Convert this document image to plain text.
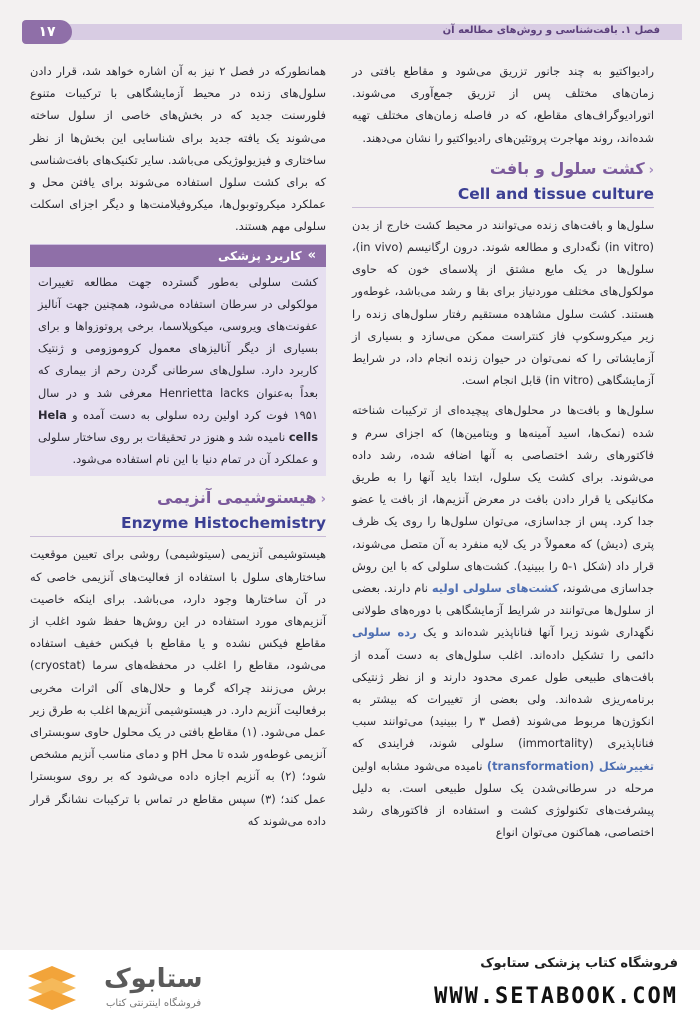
۱۷	فصل ۱. بافت‌شناسی و روش‌های مطالعه آن

رادیواکتیو به چند جانور تزریق می‌شود و مقاطع بافتی در زمان‌های مختلف پس از تزریق جمع‌آوری می‌شوند. اتورادیوگراف‌های مقاطع، که در فاصله زمان‌های مختلف تهیه شده‌اند، روند مهاجرت پروتئین‌های رادیواکتیو را نشان می‌دهند.

‹کشت سلول و بافت
Cell and tissue culture

سلول‌ها و بافت‌های زنده می‌توانند در محیط کشت خارج از بدن (in vitro) نگه‌داری و مطالعه شوند. درون ارگانیسم (in vivo)، سلول‌ها در یک مایع مشتق از پلاسمای خون که حاوی مولکول‌های مختلف موردنیاز برای بقا و رشد می‌باشد، غوطه‌ور هستند. کشت سلول مشاهده مستقیم رفتار سلول‌های زنده را زیر میکروسکوپ فاز کنتراست ممکن می‌سازد و بسیاری از آزمایشاتی را که نمی‌توان در حیوان زنده انجام داد، در شرایط آزمایشگاهی (in vitro) قابل انجام است.

سلول‌ها و بافت‌ها در محلول‌های پیچیده‌ای از ترکیبات شناخته شده (نمک‌ها، اسید آمینه‌ها و ویتامین‌ها) که اجزای سرم و فاکتورهای رشد اختصاصی به آنها اضافه شده، رشد داده می‌شوند. برای کشت یک سلول، ابتدا باید آنها را به طریق مکانیکی یا قرار دادن بافت در معرض آنزیم‌ها، از بافت یا عضو جدا کرد. پس از جداسازی، می‌توان سلول‌ها را روی یک ظرف پتری (دیش) که معمولاً در یک لایه منفرد به آن متصل می‌شوند، قرار داد (شکل ۱-۵ را ببینید). کشت‌های سلولی که با این روش جداسازی می‌شوند، کشت‌های سلولی اولیه نام دارند. بعضی از سلول‌ها می‌توانند در شرایط آزمایشگاهی با دوره‌های طولانی نگهداری شوند زیرا آنها فناناپذیر شده‌اند و یک رده سلولی دائمی را تشکیل داده‌اند. اغلب سلول‌های به دست آمده از بافت‌های طبیعی طول عمری محدود دارند و از نظر ژنتیکی برنامه‌ریزی شده‌اند. ولی بعضی از تغییرات که بیشتر به انکوژن‌ها مربوط می‌شوند (فصل ۳ را ببینید) می‌توانند سبب فناناپذیری (immortality) سلولی شوند، فرایندی که تغییرشکل (transformation) نامیده می‌شود مشابه اولین مرحله در سرطانی‌شدن یک سلول طبیعی است. به دلیل پیشرفت‌های تکنولوژی کشت و استفاده از فاکتورهای رشد اختصاصی، هماکنون می‌توان انواع

همانطورکه در فصل ۲ نیز به آن اشاره خواهد شد، قرار دادن سلول‌های زنده در محیط آزمایشگاهی با ترکیبات متنوع فلورسنت جدید که در بخش‌های خاصی از سلول ساخته می‌شوند یک یافته جدید برای شناسایی این بخش‌ها از نظر ساختاری و فیزیولوژیکی می‌باشد. سایر تکنیک‌های بافت‌شناسی که برای کشت سلول استفاده می‌شوند برای یافتن محل و عملکرد میکروتوبول‌ها، میکروفیلامنت‌ها و دیگر اجزای اسکلت سلولی مهم هستند.

»
کاربرد پزشکی

کشت سلولی به‌طور گسترده جهت مطالعه تغییرات مولکولی در سرطان استفاده می‌شود، همچنین جهت آنالیز عفونت‌های ویروسی، میکوپلاسما، برخی پروتوزواها و برای بسیاری از دیگر آنالیزهای معمول کروموزومی و ژنتیک کاربرد دارد. سلول‌های سرطانی گردن رحم از بیماری که بعداً به‌عنوان Henrietta lacks معرفی شد و در سال ۱۹۵۱ فوت کرد اولین رده سلولی به دست آمده و Hela cells نامیده شد و هنوز در تحقیقات بر روی ساختار سلولی و عملکرد آن در تمام دنیا با این نام استفاده می‌شود.

‹هیستوشیمی آنزیمی
Enzyme Histochemistry

هیستوشیمی آنزیمی (سیتوشیمی) روشی برای تعیین موقعیت ساختارهای سلول با استفاده از فعالیت‌های آنزیمی خاصی که در آن ساختارها وجود دارد، می‌باشد. برای اینکه خاصیت آنزیم‌های مورد استفاده در این روش‌ها حفظ شود اغلب از مقاطع فیکس نشده و یا مقاطع با فیکس خفیف استفاده می‌شود، مقاطع را اغلب در محفظه‌های سرما (cryostat) برش می‌زنند چراکه گرما و حلال‌های آلی اثرات مخربی برفعالیت آنزیم دارد. در هیستوشیمی آنزیم‌ها اغلب به طرق زیر عمل می‌شود. (۱) مقاطع بافتی در یک محلول حاوی سوبسترای آنزیمی غوطه‌ور شده تا محل pH و دمای مناسب آنزیم مشخص شود؛ (۲) به آنزیم اجازه داده می‌شود که بر روی سوبسترا عمل کند؛ (۳) سپس مقاطع در تماس با ترکیبات نشانگر قرار داده می‌شوند که

ستابوک
فروشگاه اینترنتی کتاب
فروشگاه کتاب پزشکی ستابوک
WWW.SETABOOK.COM
